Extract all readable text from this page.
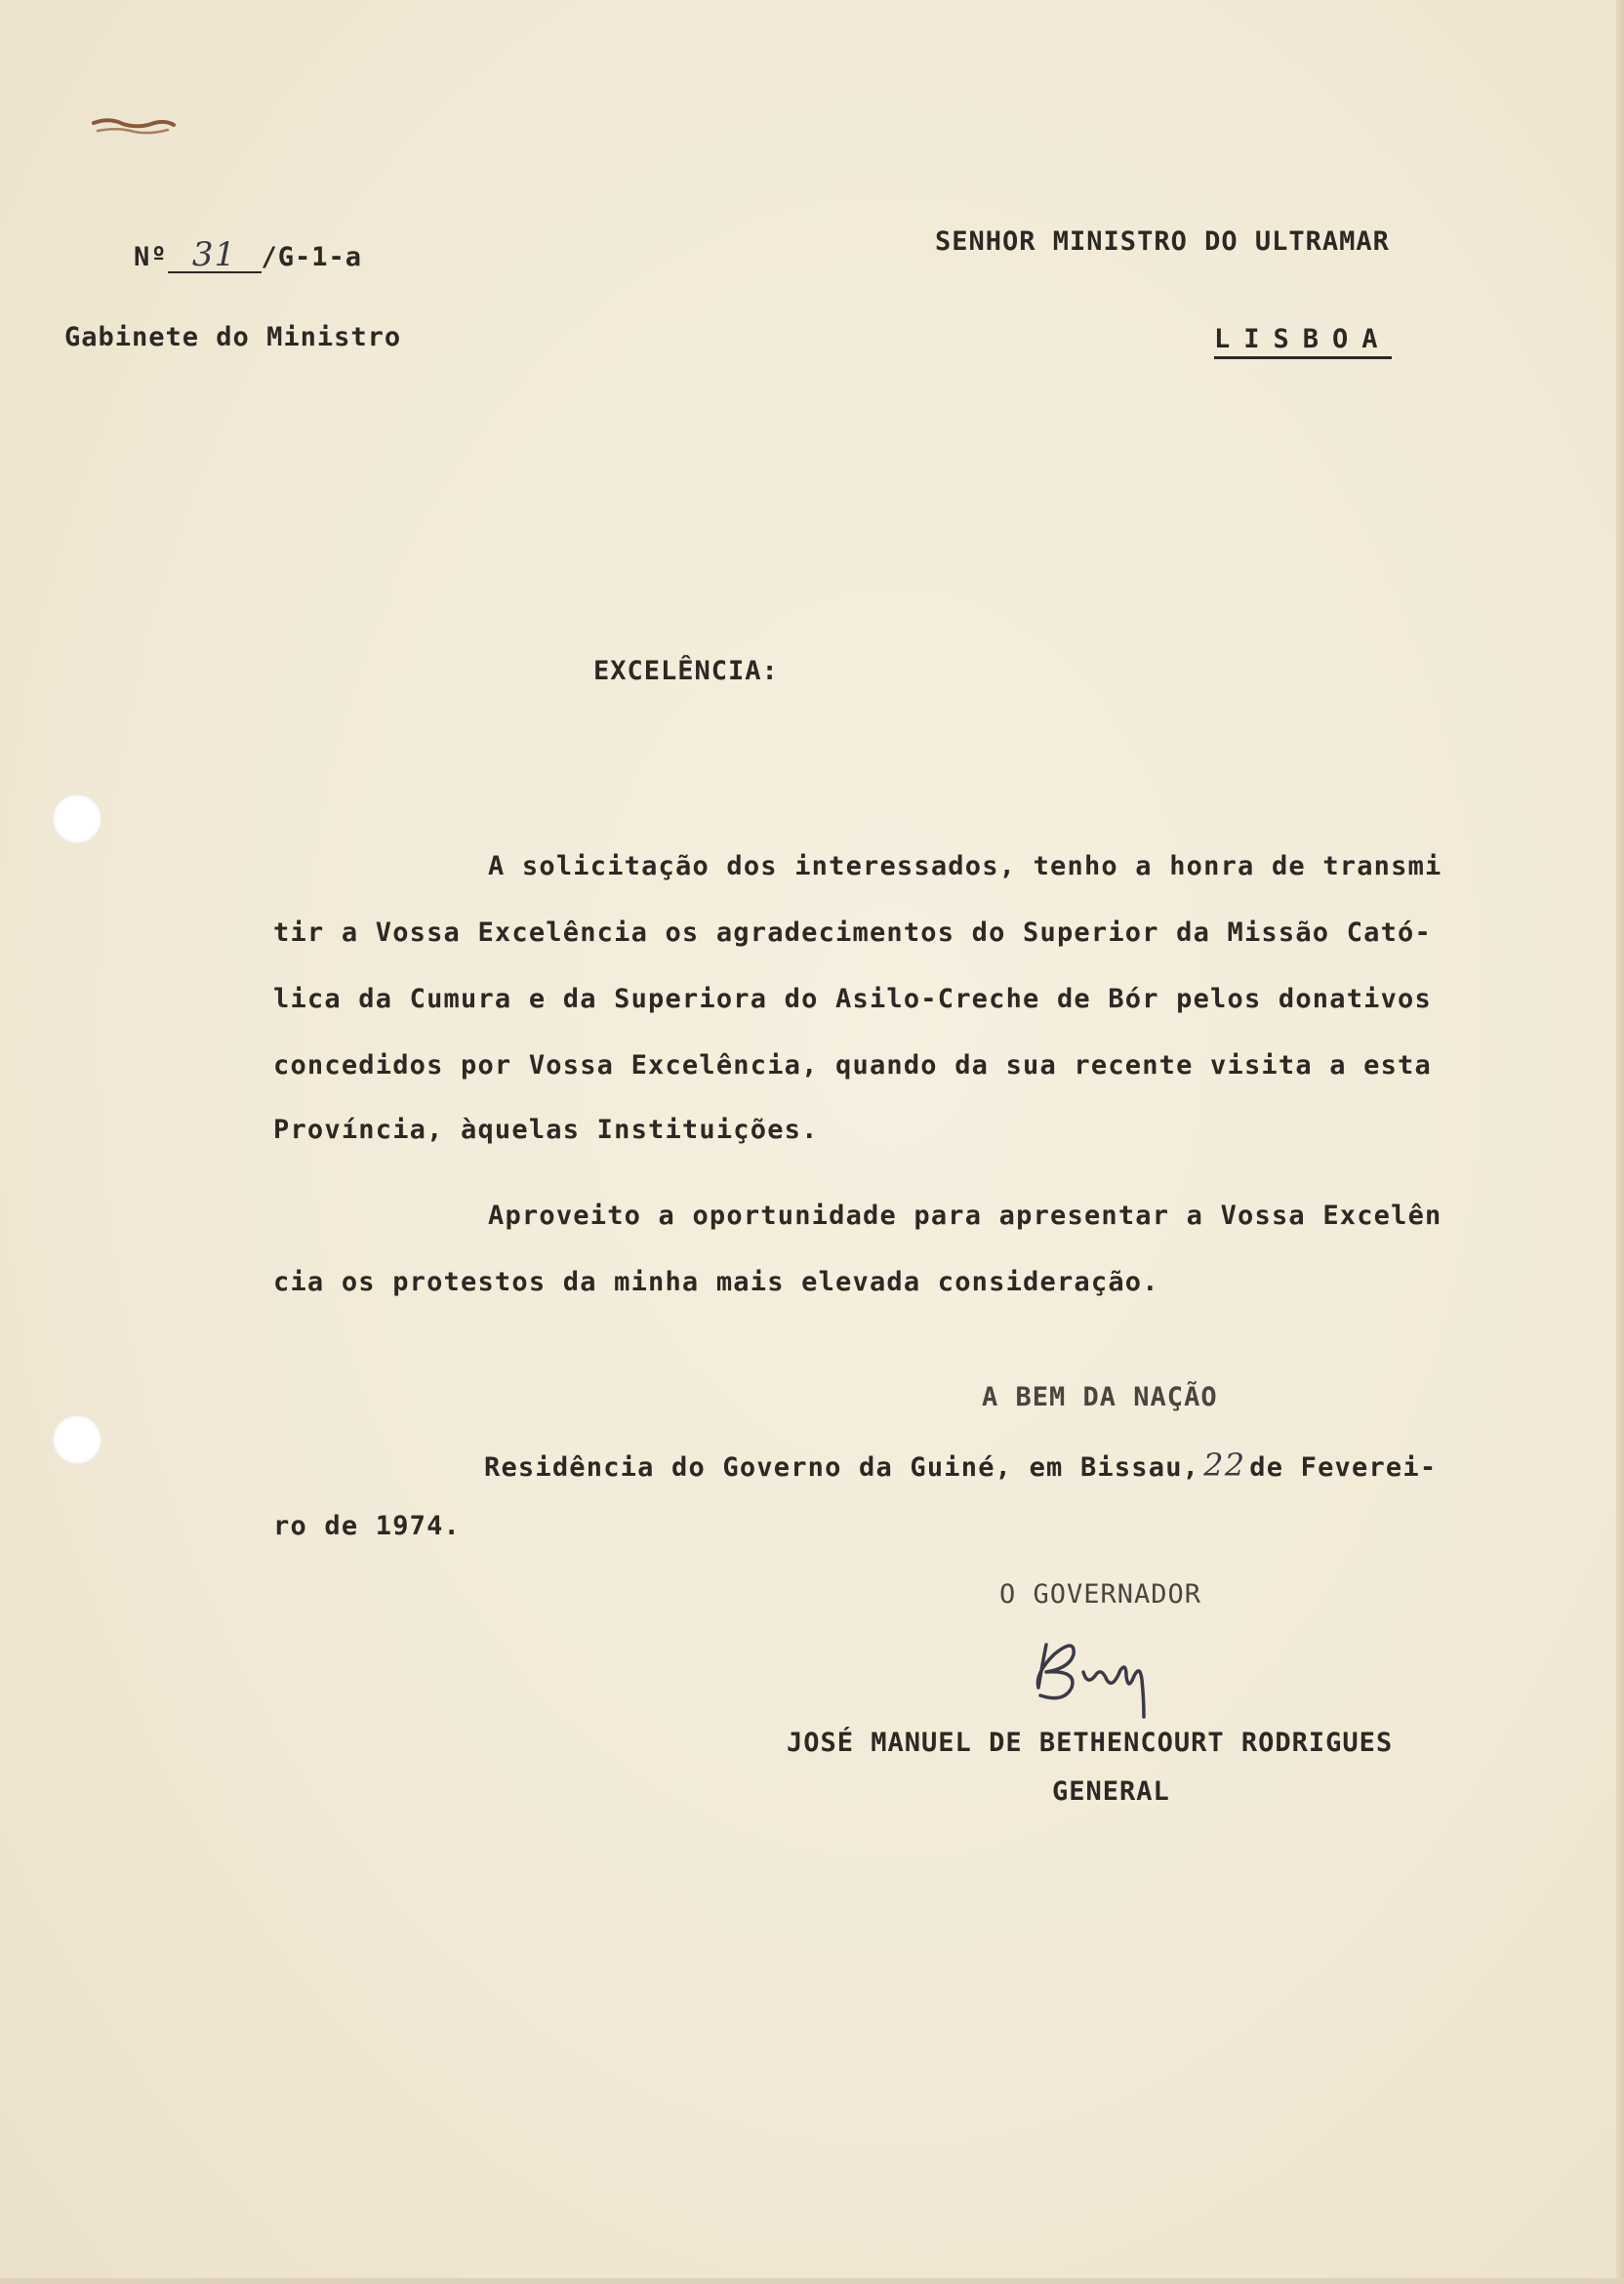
Nº 31 /G-1-a
Gabinete do Ministro
SENHOR MINISTRO DO ULTRAMAR
LISBOA
EXCELÊNCIA:
A solicitação dos interessados, tenho a honra de transmi
tir a Vossa Excelência os agradecimentos do Superior da Missão Cató-
lica da Cumura e da Superiora do Asilo-Creche de Bór pelos donativos
concedidos por Vossa Excelência, quando da sua recente visita a esta
Província, àquelas Instituições.
Aproveito a oportunidade para apresentar a Vossa Excelên
cia os protestos da minha mais elevada consideração.
A BEM DA NAÇÃO
Residência do Governo da Guiné, em Bissau, 22 de Feverei-
ro de 1974.
O GOVERNADOR
JOSÉ MANUEL DE BETHENCOURT RODRIGUES
GENERAL
